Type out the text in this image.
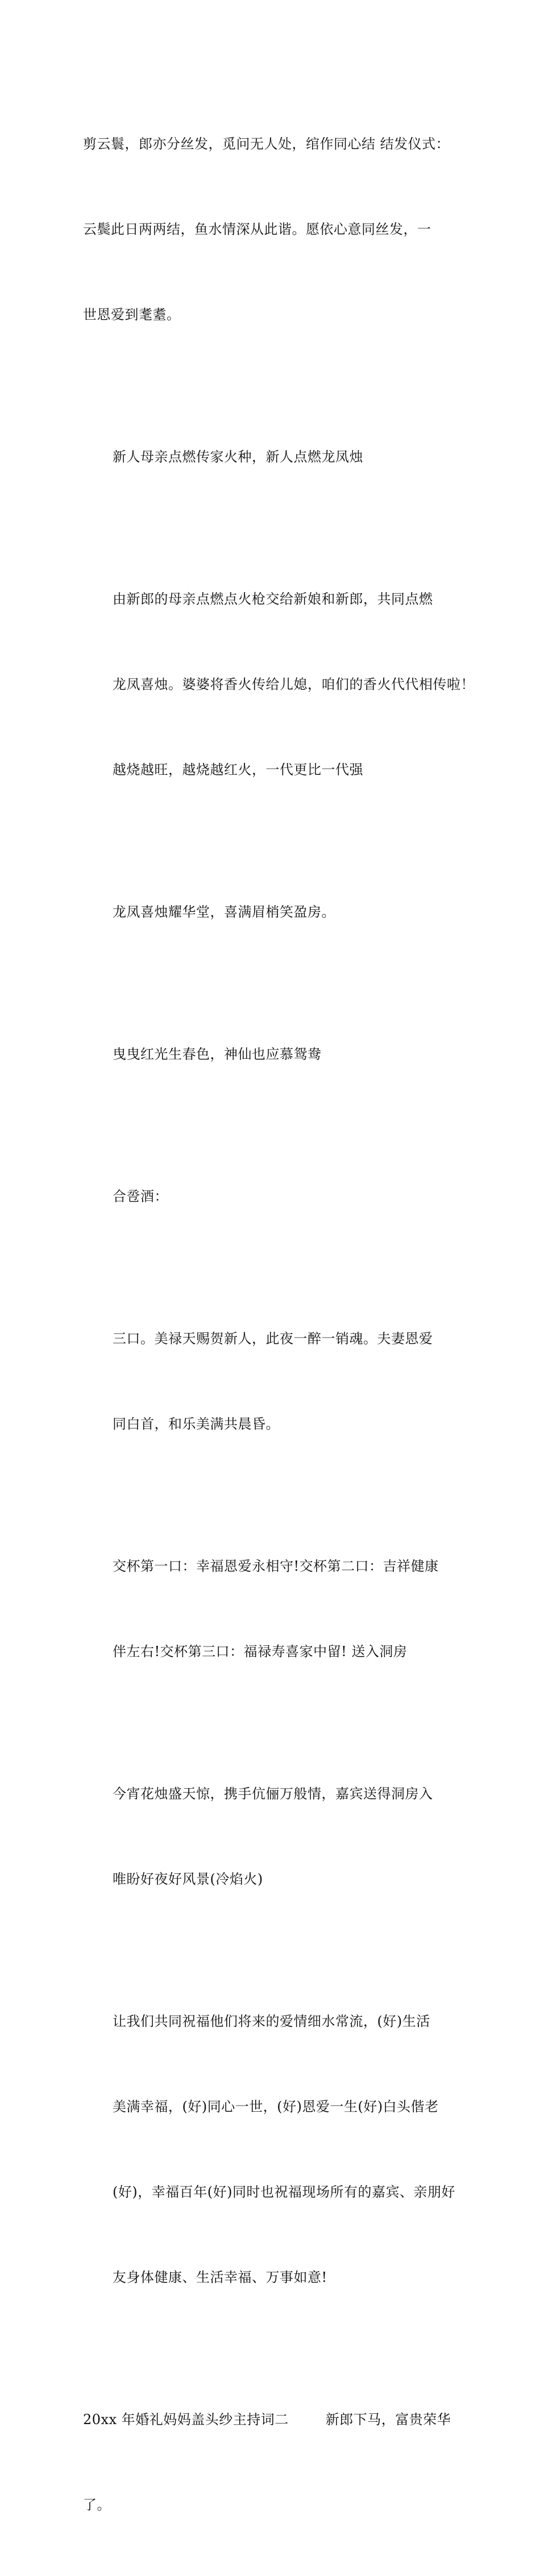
剪云鬟，郎亦分丝发，觅问无人处，绾作同心结 结发仪式：

云鬓此日两两结，鱼水情深从此谐。愿依心意同丝发，一

世恩爱到耄耋。

新人母亲点燃传家火种，新人点燃龙凤烛

由新郎的母亲点燃点火枪交给新娘和新郎，共同点燃

龙凤喜烛。婆婆将香火传给儿媳，咱们的香火代代相传啦！

越烧越旺，越烧越红火，一代更比一代强

龙凤喜烛耀华堂，喜满眉梢笑盈房。

曳曳红光生春色，神仙也应慕鸳鸯

合卺酒：

三口。美禄天赐贺新人，此夜一醉一销魂。夫妻恩爱

同白首，和乐美满共晨昏。

交杯第一口：幸福恩爱永相守!交杯第二口：吉祥健康

伴左右!交杯第三口：福禄寿喜家中留! 送入洞房

今宵花烛盛天惊，携手伉俪万般情，嘉宾送得洞房入

唯盼好夜好风景(冷焰火)

让我们共同祝福他们将来的爱情细水常流，(好)生活

美满幸福，(好)同心一世，(好)恩爱一生(好)白头偕老

(好)，幸福百年(好)同时也祝福现场所有的嘉宾、亲朋好

友身体健康、生活幸福、万事如意!

20xx 年婚礼妈妈盖头纱主持词二        新郎下马，富贵荣华

了。
